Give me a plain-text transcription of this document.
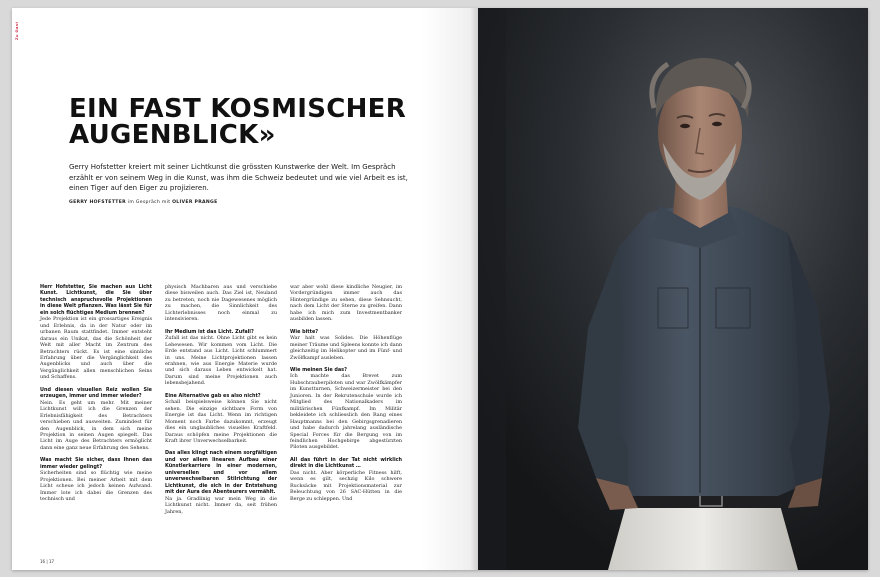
Zu Gast
EIN FAST KOSMISCHER
AUGENBLICK»
Gerry Hofstetter kreiert mit seiner Lichtkunst die grössten Kunstwerke der Welt. Im Gespräch erzählt er von seinem Weg in die Kunst, was ihm die Schweiz bedeutet und wie viel Arbeit es ist, einen Tiger auf den Eiger zu projizieren.
GERRY HOFSTETTER im Gespräch mit OLIVER PRANGE

Herr Hofstetter, Sie machen aus Licht Kunst. Lichtkunst, die Sie über technisch anspruchsvolle Projektionen in diese Welt pflanzen. Was lässt Sie für ein solch flüchtiges Medium brennen?
Jede Projektion ist ein grossartiges Ereignis und Erlebnis, da in der Natur oder im urbanen Raum stattfindet. Immer entsteht daraus ein Unikat, das die Schönheit der Welt mit aller Macht im Zentrum des Betrachters rückt. Es ist eine sinnliche Erfahrung über die Vergänglichkeit des Augenblicks und auch über die Vergänglichkeit allen menschlichen Seins und Schaffens.

Und diesen visuellen Reiz wollen Sie erzeugen, immer und immer wieder?
Nein. Es geht um mehr. Mit meiner Lichtkunst will ich die Grenzen der Erlebnisfähigkeit des Betrachters verschieben und ausweiten. Zumindest für den Augenblick, in dem sich meine Projektion in seinen Augen spiegelt. Das Licht im Auge des Betrachters ermöglicht dann eine ganz neue Erfahrung des Sehens.

Was macht Sie sicher, dass Ihnen das immer wieder gelingt?
Sicherheiten sind so flüchtig wie meine Projektionen. Bei meiner Arbeit mit dem Licht scheue ich jedoch keinen Aufwand. Immer lote ich dabei die Grenzen des technisch und

physisch Machbaren aus und verschiebe diese bisweilen auch. Das Ziel ist, Neuland zu betreten, noch nie Dagewesenes möglich zu machen, die Sinnlichkeit des Lichterlebnisses noch einmal zu intensivieren.

Ihr Medium ist das Licht. Zufall?
Zufall ist das nicht. Ohne Licht gibt es kein Lebewesen. Wir kommen vom Licht. Die Erde entstand aus Licht. Licht schlummert in uns. Meine Lichtprojektionen lassen erahnen, wie aus Energie Materie wurde und sich daraus Leben entwickelt hat. Darum sind meine Projektionen auch lebensbejahend.

Eine Alternative gab es also nicht?
Schall beispielsweise können Sie nicht sehen. Die einzige sichtbare Form von Energie ist das Licht. Wenn im richtigen Moment noch Farbe dazukommt, erzeugt dies ein unglaubliches visuelles Kraftfeld. Daraus schöpfen meine Projektionen die Kraft ihrer Unverwechselbarkeit.

Das alles klingt nach einem sorgfältigen und vor allem linearen Aufbau einer Künstlerkarriere in einer modernen, universellen und vor allem unverwechselbaren Stilrichtung der Lichtkunst, die sich in der Entstehung mit der Aura des Abenteurers vermählt.
Na ja. Gradlinig war mein Weg in die Lichtkunst nicht. Immer da, seit frühen Jahren,

war aber wohl diese kindliche Neugier, im Vordergründigen immer auch das Hintergründige zu sehen, diese Sehnsucht, nach dem Licht der Sterne zu greifen. Dann habe ich mich zum Investmentbanker ausbilden lassen.

Wie bitte?
War halt was Solides. Die Höhenflüge meiner Träume und Spleens konnte ich dann gleichzeitig im Helikopter und im Fünf- und Zwölfkampf ausleben.

Wie meinen Sie das?
Ich machte das Brevet zum Hubschrauberpiloten und war Zwölfkämpfer im Kunstturnen, Schweizermeister bei den Junioren. In der Rekrutenschule wurde ich Mitglied des Nationalkaders im militärischen Fünfkampf. Im Militär bekleidete ich schliesslich den Rang eines Hauptmanns bei den Gebirgsgrenadieren und habe dadurch jahrelang ausländische Special Forces für die Bergung von im feindlichen Hochgebirge abgestürzten Piloten ausgebildet.

All das führt in der Tat nicht wirklich direkt in die Lichtkunst …
Das nicht. Aber körperliche Fitness hilft, wenn es gilt, sechzig Kilo schwere Rucksäcke mit Projektionsmaterial zur Beleuchtung von 26 SAC-Hütten in die Berge zu schleppen. Und

16 | 17
